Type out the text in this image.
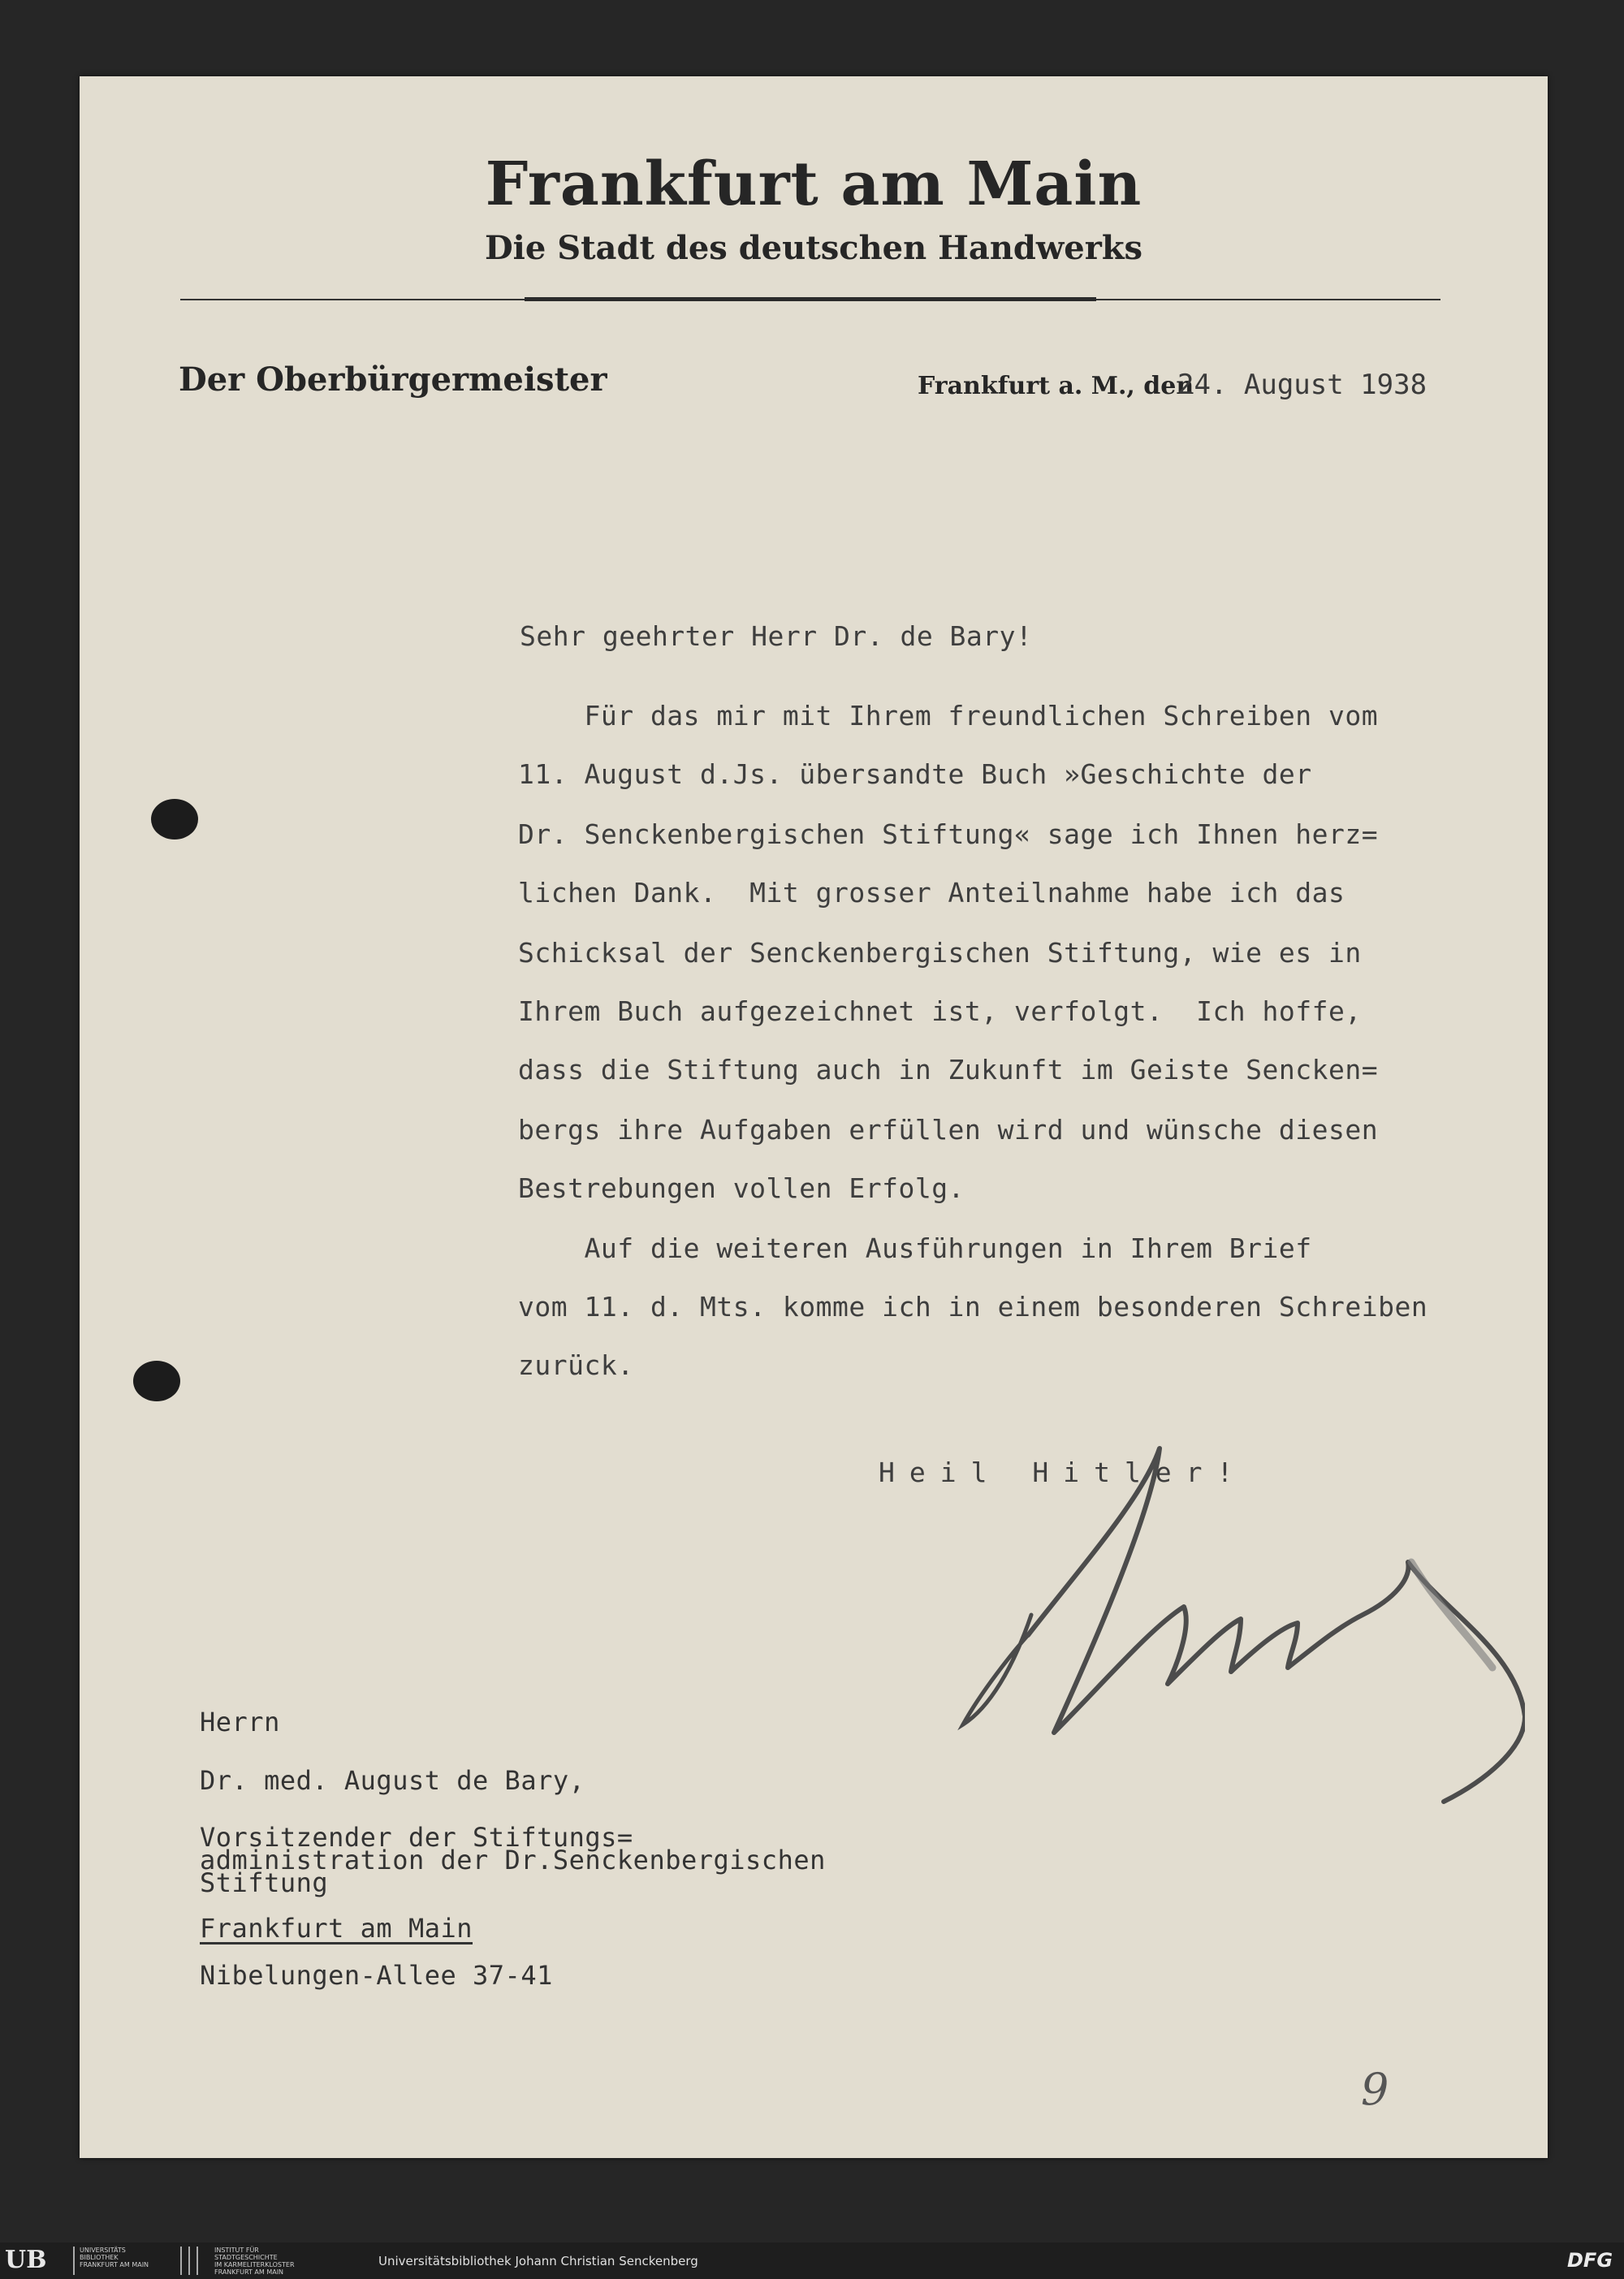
Frankfurt am Main
Die Stadt des deutschen Handwerks
Der Oberbürgermeister	Frankfurt a. M., den
24. August 1938
Sehr geehrter Herr Dr. de Bary!
Für das mir mit Ihrem freundlichen Schreiben vom
11. August d.Js. übersandte Buch »Geschichte der
Dr. Senckenbergischen Stiftung« sage ich Ihnen herz=
lichen Dank.  Mit grosser Anteilnahme habe ich das
Schicksal der Senckenbergischen Stiftung, wie es in
Ihrem Buch aufgezeichnet ist, verfolgt.  Ich hoffe,
dass die Stiftung auch in Zukunft im Geiste Sencken=
bergs ihre Aufgaben erfüllen wird und wünsche diesen
Bestrebungen vollen Erfolg.
Auf die weiteren Ausführungen in Ihrem Brief
vom 11. d. Mts. komme ich in einem besonderen Schreiben
zurück.
Heil Hitler!
Herrn
Dr. med. August de Bary,
Vorsitzender der Stiftungs=
administration der Dr.Senckenbergischen
Stiftung
Frankfurt am Main
Nibelungen-Allee 37-41
9
UB	UNIVERSITÄTS
BIBLIOTHEK
FRANKFURT AM MAIN
INSTITUT FÜR
STADTGESCHICHTE
IM KARMELITERKLOSTER
FRANKFURT AM MAIN
Universitätsbibliothek Johann Christian Senckenberg	DFG
